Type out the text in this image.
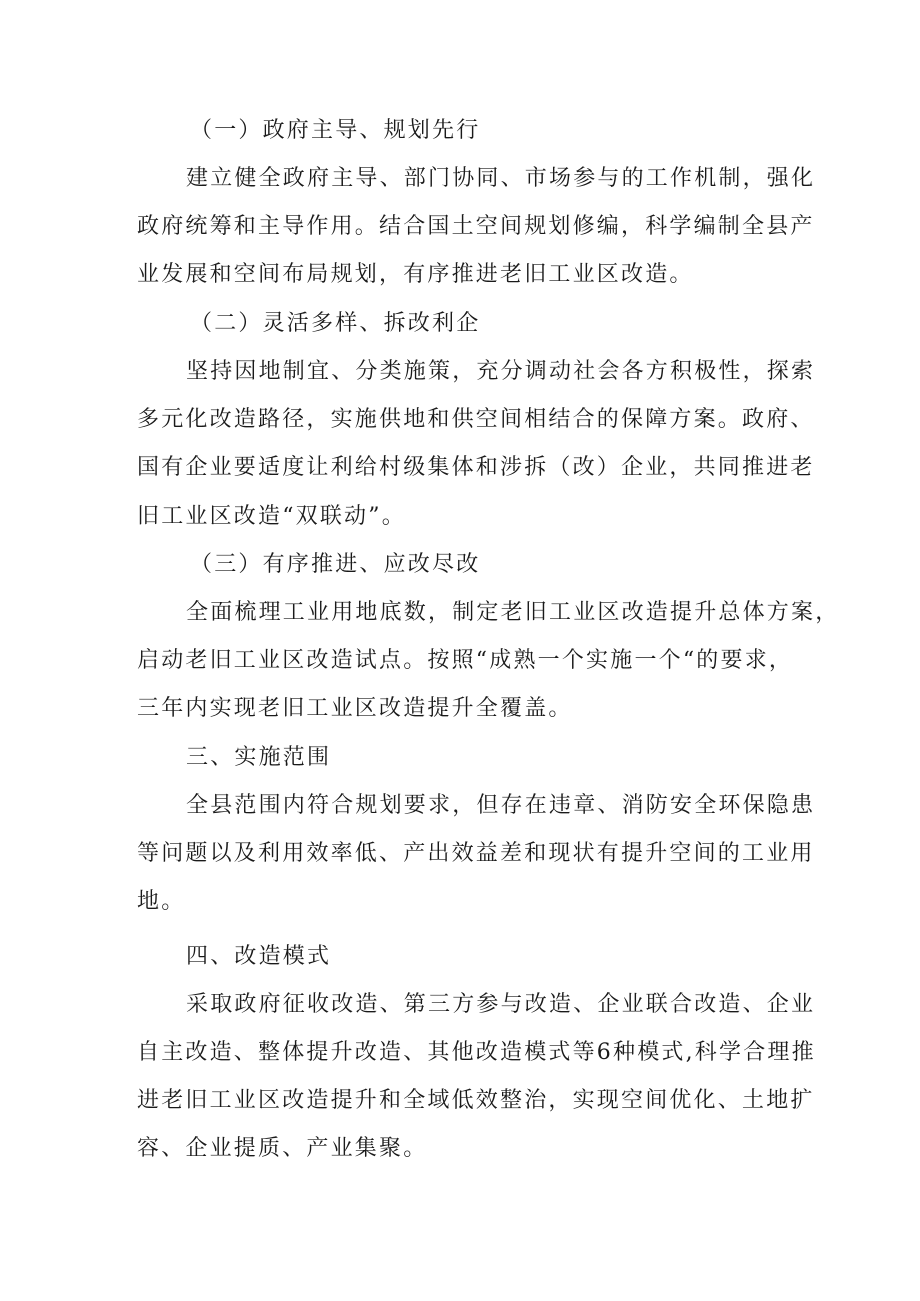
（一）政府主导、规划先行
建立健全政府主导、部门协同、市场参与的工作机制，强化
政府统筹和主导作用。结合国土空间规划修编，科学编制全县产
业发展和空间布局规划，有序推进老旧工业区改造。
（二）灵活多样、拆改利企
坚持因地制宜、分类施策，充分调动社会各方积极性，探索
多元化改造路径，实施供地和供空间相结合的保障方案。政府、
国有企业要适度让利给村级集体和涉拆（改）企业，共同推进老
旧工业区改造“双联动”。
（三）有序推进、应改尽改
全面梳理工业用地底数，制定老旧工业区改造提升总体方案，
启动老旧工业区改造试点。按照“成熟一个实施一个“的要求，
三年内实现老旧工业区改造提升全覆盖。
三、实施范围
全县范围内符合规划要求，但存在违章、消防安全环保隐患
等问题以及利用效率低、产出效益差和现状有提升空间的工业用
地。
四、改造模式
采取政府征收改造、第三方参与改造、企业联合改造、企业
自主改造、整体提升改造、其他改造模式等6种模式,科学合理推
进老旧工业区改造提升和全域低效整治，实现空间优化、土地扩
容、企业提质、产业集聚。
